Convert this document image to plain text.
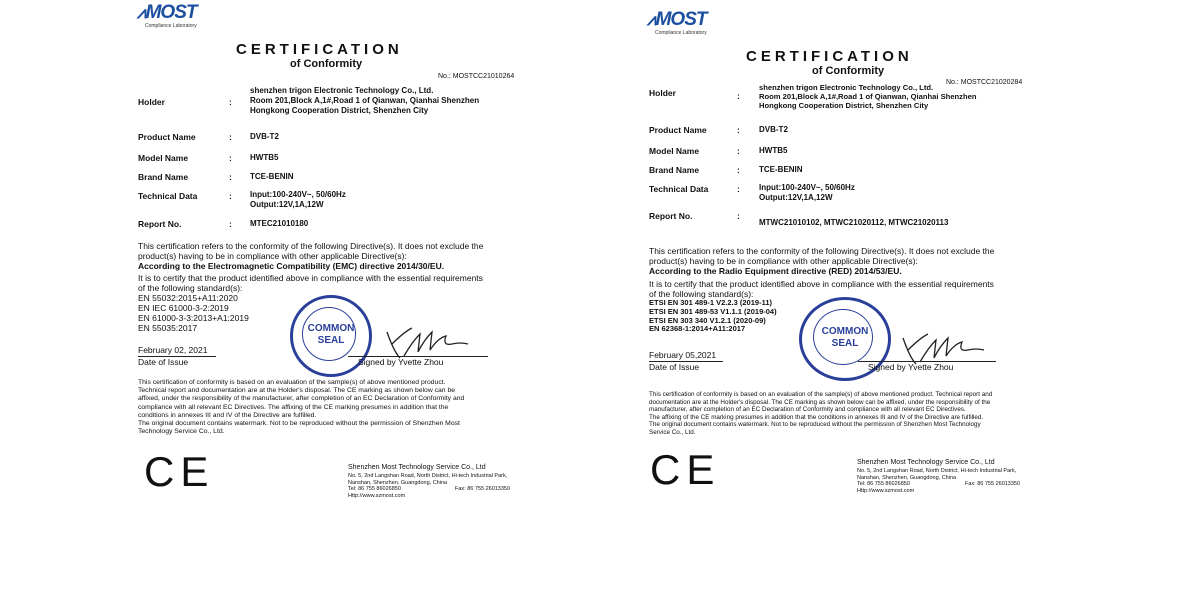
⩘MOST
Compliance Laboratory
CERTIFICATION
of Conformity
No.: MOSTCC21010264
Holder	:
shenzhen trigon Electronic Technology Co., Ltd.
Room 201,Block A,1#,Road 1 of Qianwan, Qianhai Shenzhen
Hongkong Cooperation District, Shenzhen City
Product Name	: DVB-T2
Model Name	: HWTB5
Brand Name	: TCE-BENIN
Technical Data	: Input:100-240V~, 50/60Hz
Output:12V,1A,12W
Report No.	: MTEC21010180
This certification refers to the conformity of the following Directive(s). It does not exclude the
product(s) having to be in compliance with other applicable Directive(s):
According to the Electromagnetic Compatibility (EMC) directive 2014/30/EU.
It is to certify that the product identified above in compliance with the essential requirements
of the following standard(s):
EN 55032:2015+A11:2020
EN IEC 61000-3-2:2019
EN 61000-3-3:2013+A1:2019
EN 55035:2017	COMMON SEAL
February 02, 2021
Date of Issue	Signed by Yvette Zhou
This certification of conformity is based on an evaluation of the sample(s) of above mentioned product.
Technical report and documentation are at the Holder's disposal. The CE marking as shown below can be
affixed, under the responsibility of the manufacturer, after completion of an EC Declaration of Conformity and
compliance with all relevant EC Directives. The affixing of the CE marking presumes in addition that the
conditions in annexes III and IV of the Directive are fulfilled.
The original document contains watermark. Not to be reproduced without the permission of Shenzhen Most
Technology Service Co., Ltd.
CE	Shenzhen Most Technology Service Co., Ltd
No. 5, 2nd Langshan Road, North District, Hi-tech Industrial Park,
Nanshan, Shenzhen, Guangdong, China
Tel: 86 755 86026850	Fax: 86 755 26013350
Http://www.szmost.com
⩘MOST
Compliance Laboratory
CERTIFICATION
of Conformity
No.: MOSTCC21020284
Holder	:
shenzhen trigon Electronic Technology Co., Ltd.
Room 201,Block A,1#,Road 1 of Qianwan, Qianhai Shenzhen
Hongkong Cooperation District, Shenzhen City
Product Name	: DVB-T2
Model Name	: HWTB5
Brand Name	: TCE-BENIN
Technical Data	: Input:100-240V~, 50/60Hz
Output:12V,1A,12W
Report No.	:
MTWC21010102, MTWC21020112, MTWC21020113
This certification refers to the conformity of the following Directive(s). It does not exclude the
product(s) having to be in compliance with other applicable Directive(s):
According to the Radio Equipment directive (RED) 2014/53/EU.
It is to certify that the product identified above in compliance with the essential requirements
of the following standard(s):
ETSI EN 301 489-1 V2.2.3 (2019-11)
ETSI EN 301 489-53 V1.1.1 (2019-04)
ETSI EN 303 340 V1.2.1 (2020-09)
EN 62368-1:2014+A11:2017	COMMON SEAL
February 05,2021
Date of Issue	Signed by Yvette Zhou
This certification of conformity is based on an evaluation of the sample(s) of above mentioned product. Technical report and
documentation are at the Holder's disposal. The CE marking as shown below can be affixed, under the responsibility of the
manufacturer, after completion of an EC Declaration of Conformity and compliance with all relevant EC Directives.
The affixing of the CE marking presumes in addition that the conditions in annexes III and IV of the Directive are fulfilled.
The original document contains watermark. Not to be reproduced without the permission of Shenzhen Most Technology
Service Co., Ltd.
CE	Shenzhen Most Technology Service Co., Ltd
No. 5, 2nd Langshan Road, North District, Hi-tech Industrial Park,
Nanshan, Shenzhen, Guangdong, China
Tel: 86 755 86026850	Fax: 86 755 26013350
Http://www.szmost.com
